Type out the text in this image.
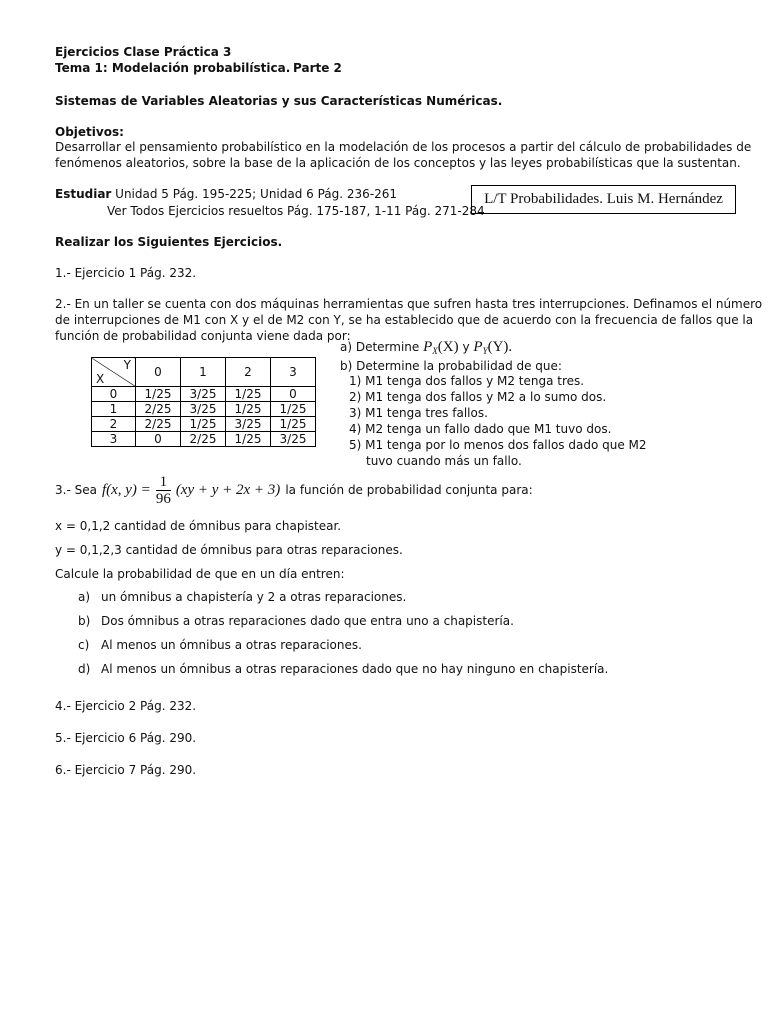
Ejercicios Clase Práctica 3
Tema 1: Modelación probabilística. Parte 2
Sistemas de Variables Aleatorias y sus Características Numéricas.
Objetivos:
Desarrollar el pensamiento probabilístico en la modelación de los procesos a partir del cálculo de probabilidades de
fenómenos aleatorios, sobre la base de la aplicación de los conceptos y las leyes probabilísticas que la sustentan.
Estudiar Unidad 5 Pág. 195-225; Unidad 6 Pág. 236-261
Ver Todos Ejercicios resueltos Pág. 175-187, 1-11 Pág. 271-284
L/T Probabilidades. Luis M. Hernández
Realizar los Siguientes Ejercicios.
1.- Ejercicio 1 Pág. 232.
2.- En un taller se cuenta con dos máquinas herramientas que sufren hasta tres interrupciones. Definamos el número
de interrupciones de M1 con X y el de M2 con Y, se ha establecido que de acuerdo con la frecuencia de fallos que la
función de probabilidad conjunta viene dada por:
Y
X	0	1	2	3
0	1/25	3/25	1/25	0
1	2/25	3/25	1/25	1/25
2	2/25	1/25	3/25	1/25
3	0	2/25	1/25	3/25
a) Determine $P_X(X)$ y $P_Y(Y)$.
b) Determine la probabilidad de que:
1) M1 tenga dos fallos y M2 tenga tres.
2) M1 tenga dos fallos y M2 a lo sumo dos.
3) M1 tenga tres fallos.
4) M2 tenga un fallo dado que M1 tuvo dos.
5) M1 tenga por lo menos dos fallos dado que M2
tuvo cuando más un fallo.
3.- Sea f(x, $y) = \frac{1}{96} (xy + y + 2x + 3)$ la función de probabilidad conjunta para:
x = 0,1,2 cantidad de ómnibus para chapistear.
y = 0,1,2,3 cantidad de ómnibus para otras reparaciones.
Calcule la probabilidad de que en un día entren:
a) un ómnibus a chapistería y 2 a otras reparaciones.
b) Dos ómnibus a otras reparaciones dado que entra uno a chapistería.
c) Al menos un ómnibus a otras reparaciones.
d) Al menos un ómnibus a otras reparaciones dado que no hay ninguno en chapistería.
4.- Ejercicio 2 Pág. 232.
5.- Ejercicio 6 Pág. 290.
6.- Ejercicio 7 Pág. 290.
